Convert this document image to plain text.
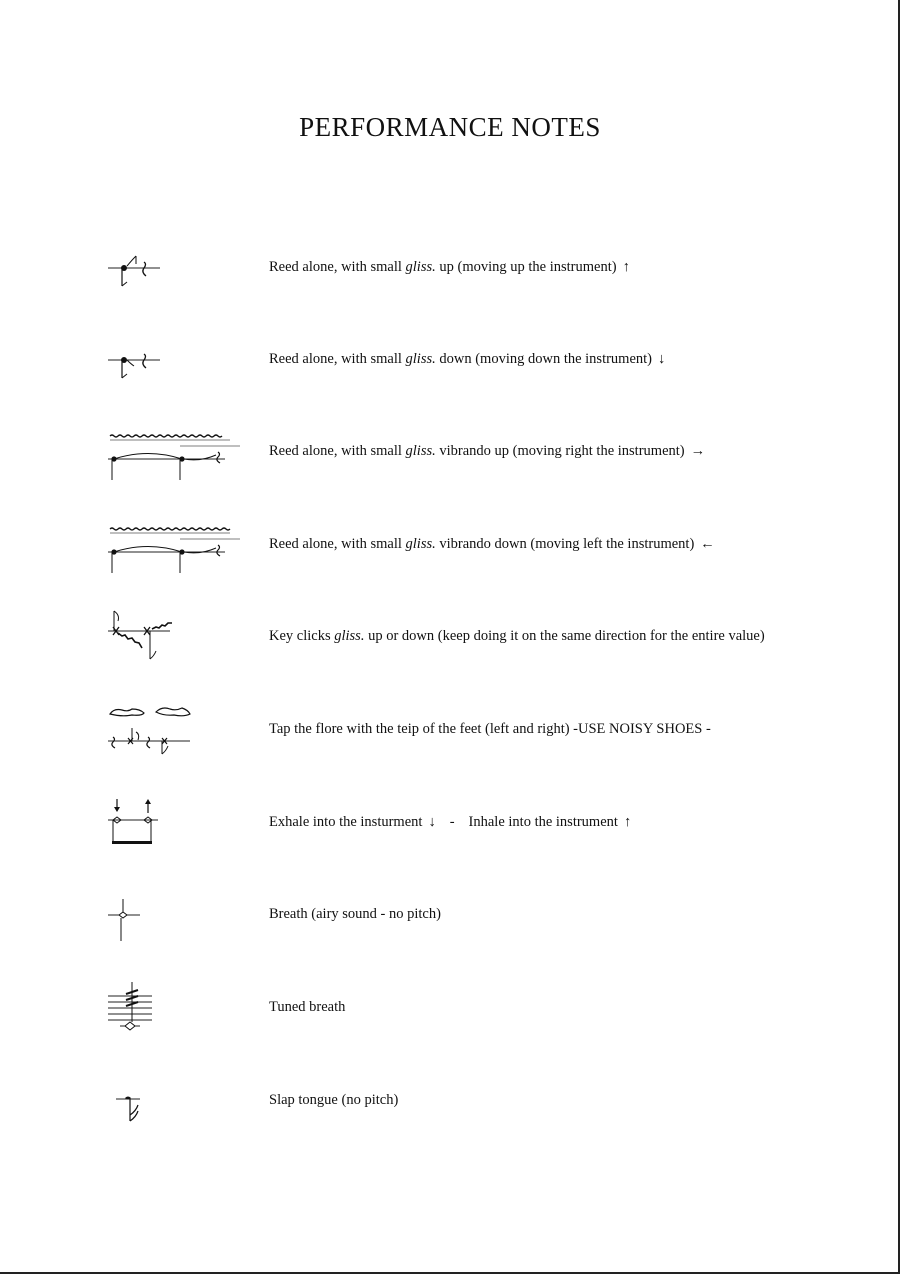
PERFORMANCE NOTES
Reed alone, with small gliss. up (moving up the instrument) ↑
Reed alone, with small gliss. down (moving down the instrument) ↓
Reed alone, with small gliss. vibrando up (moving right the instrument) →
Reed alone, with small gliss. vibrando down (moving left the instrument) ←
Key clicks gliss. up or down (keep doing it on the same direction for the entire value)
Tap the flore with the teip of the feet (left and right) -USE NOISY SHOES -
Exhale into the insturment ↓ - Inhale into the instrument ↑
Breath (airy sound - no pitch)
Tuned breath
Slap tongue (no pitch)
